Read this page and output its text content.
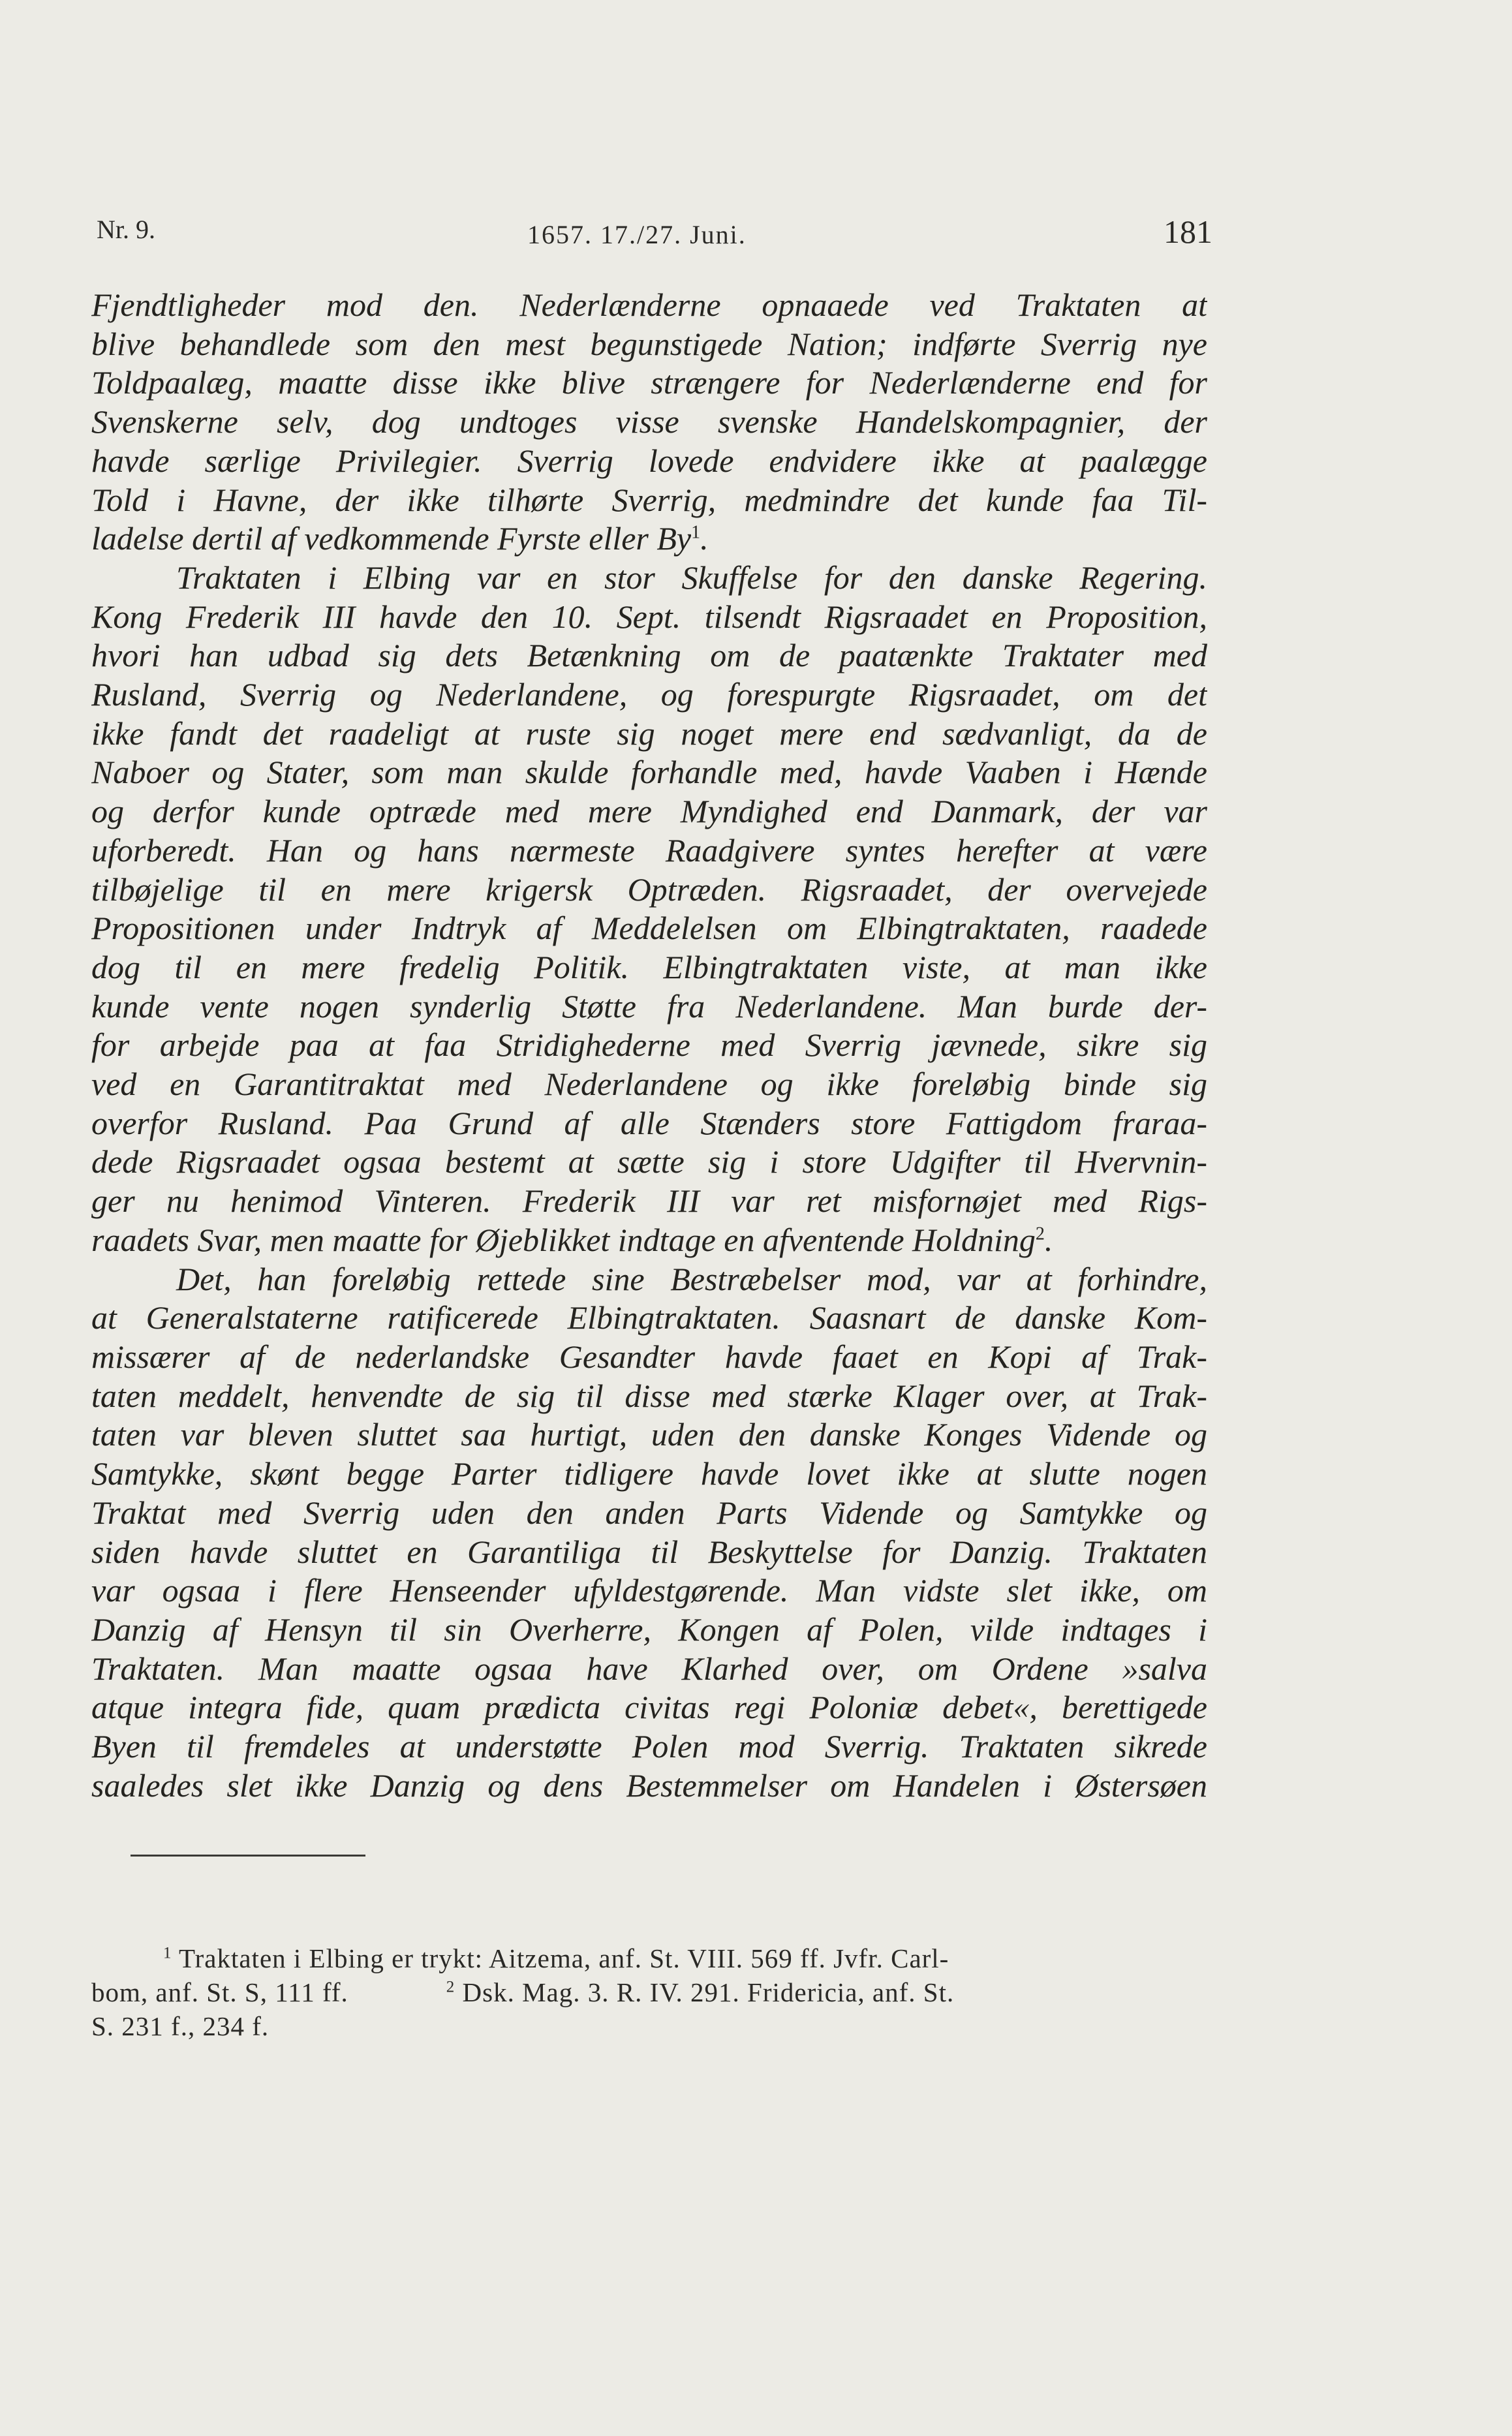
Nr. 9.	1657. 17./27. Juni.	181
Fjendtligheder mod den. Nederlænderne opnaaede ved Traktaten at
blive behandlede som den mest begunstigede Nation; indførte Sverrig nye
Toldpaalæg, maatte disse ikke blive strængere for Nederlænderne end for
Svenskerne selv, dog undtoges visse svenske Handelskompagnier, der
havde særlige Privilegier. Sverrig lovede endvidere ikke at paalægge
Told i Havne, der ikke tilhørte Sverrig, medmindre det kunde faa Til-
ladelse dertil af vedkommende Fyrste eller By$^1$.
Traktaten i Elbing var en stor Skuffelse for den danske Regering.
Kong Frederik III havde den 10. Sept. tilsendt Rigsraadet en Proposition,
hvori han udbad sig dets Betænkning om de paatænkte Traktater med
Rusland, Sverrig og Nederlandene, og forespurgte Rigsraadet, om det
ikke fandt det raadeligt at ruste sig noget mere end sædvanligt, da de
Naboer og Stater, som man skulde forhandle med, havde Vaaben i Hænde
og derfor kunde optræde med mere Myndighed end Danmark, der var
uforberedt. Han og hans nærmeste Raadgivere syntes herefter at være
tilbøjelige til en mere krigersk Optræden. Rigsraadet, der overvejede
Propositionen under Indtryk af Meddelelsen om Elbingtraktaten, raadede
dog til en mere fredelig Politik. Elbingtraktaten viste, at man ikke
kunde vente nogen synderlig Støtte fra Nederlandene. Man burde der-
for arbejde paa at faa Stridighederne med Sverrig jævnede, sikre sig
ved en Garantitraktat med Nederlandene og ikke foreløbig binde sig
overfor Rusland. Paa Grund af alle Stænders store Fattigdom fraraa-
dede Rigsraadet ogsaa bestemt at sætte sig i store Udgifter til Hvervnin-
ger nu henimod Vinteren. Frederik III var ret misfornøjet med Rigs-
raadets Svar, men maatte for Øjeblikket indtage en afventende Holdning$^2$.
Det, han foreløbig rettede sine Bestræbelser mod, var at forhindre,
at Generalstaterne ratificerede Elbingtraktaten. Saasnart de danske Kom-
missærer af de nederlandske Gesandter havde faaet en Kopi af Trak-
taten meddelt, henvendte de sig til disse med stærke Klager over, at Trak-
taten var bleven sluttet saa hurtigt, uden den danske Konges Vidende og
Samtykke, skønt begge Parter tidligere havde lovet ikke at slutte nogen
Traktat med Sverrig uden den anden Parts Vidende og Samtykke og
siden havde sluttet en Garantiliga til Beskyttelse for Danzig. Traktaten
var ogsaa i flere Henseender ufyldestgørende. Man vidste slet ikke, om
Danzig af Hensyn til sin Overherre, Kongen af Polen, vilde indtages i
Traktaten. Man maatte ogsaa have Klarhed over, om Ordene »salva
atque integra fide, quam prædicta civitas regi Poloniæ debet«, berettigede
Byen til fremdeles at understøtte Polen mod Sverrig. Traktaten sikrede
saaledes slet ikke Danzig og dens Bestemmelser om Handelen i Østersøen
$^1$ Traktaten i Elbing er trykt: Aitzema, anf. St. VIII. 569 ff. Jvfr. Carl-
bom, anf. St. S, 111 ff.	$^2$ Dsk. Mag. 3. R. IV. 291. Fridericia, anf. St.
S. 231 f., 234 f.
